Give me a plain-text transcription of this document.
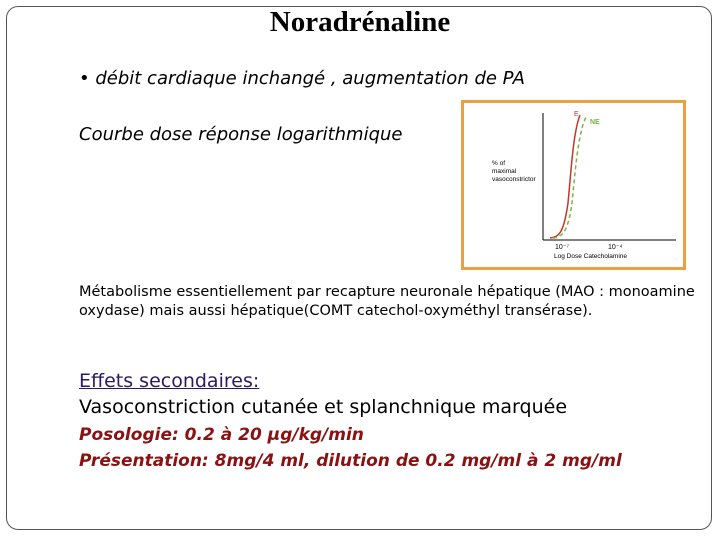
Noradrénaline
• débit cardiaque inchangé , augmentation de PA
Courbe dose réponse logarithmique
E
NE
% of
maximal
vasoconstrictor
10⁻⁷	10⁻⁴
Log Dose Catecholamine
Métabolisme essentiellement par recapture neuronale hépatique (MAO : monoamine oxydase) mais aussi hépatique(COMT catechol-oxyméthyl transérase).
Effets secondaires:
Vasoconstriction cutanée et splanchnique marquée
Posologie: 0.2 à 20 µg/kg/min
Présentation: 8mg/4 ml, dilution de 0.2 mg/ml à 2 mg/ml
